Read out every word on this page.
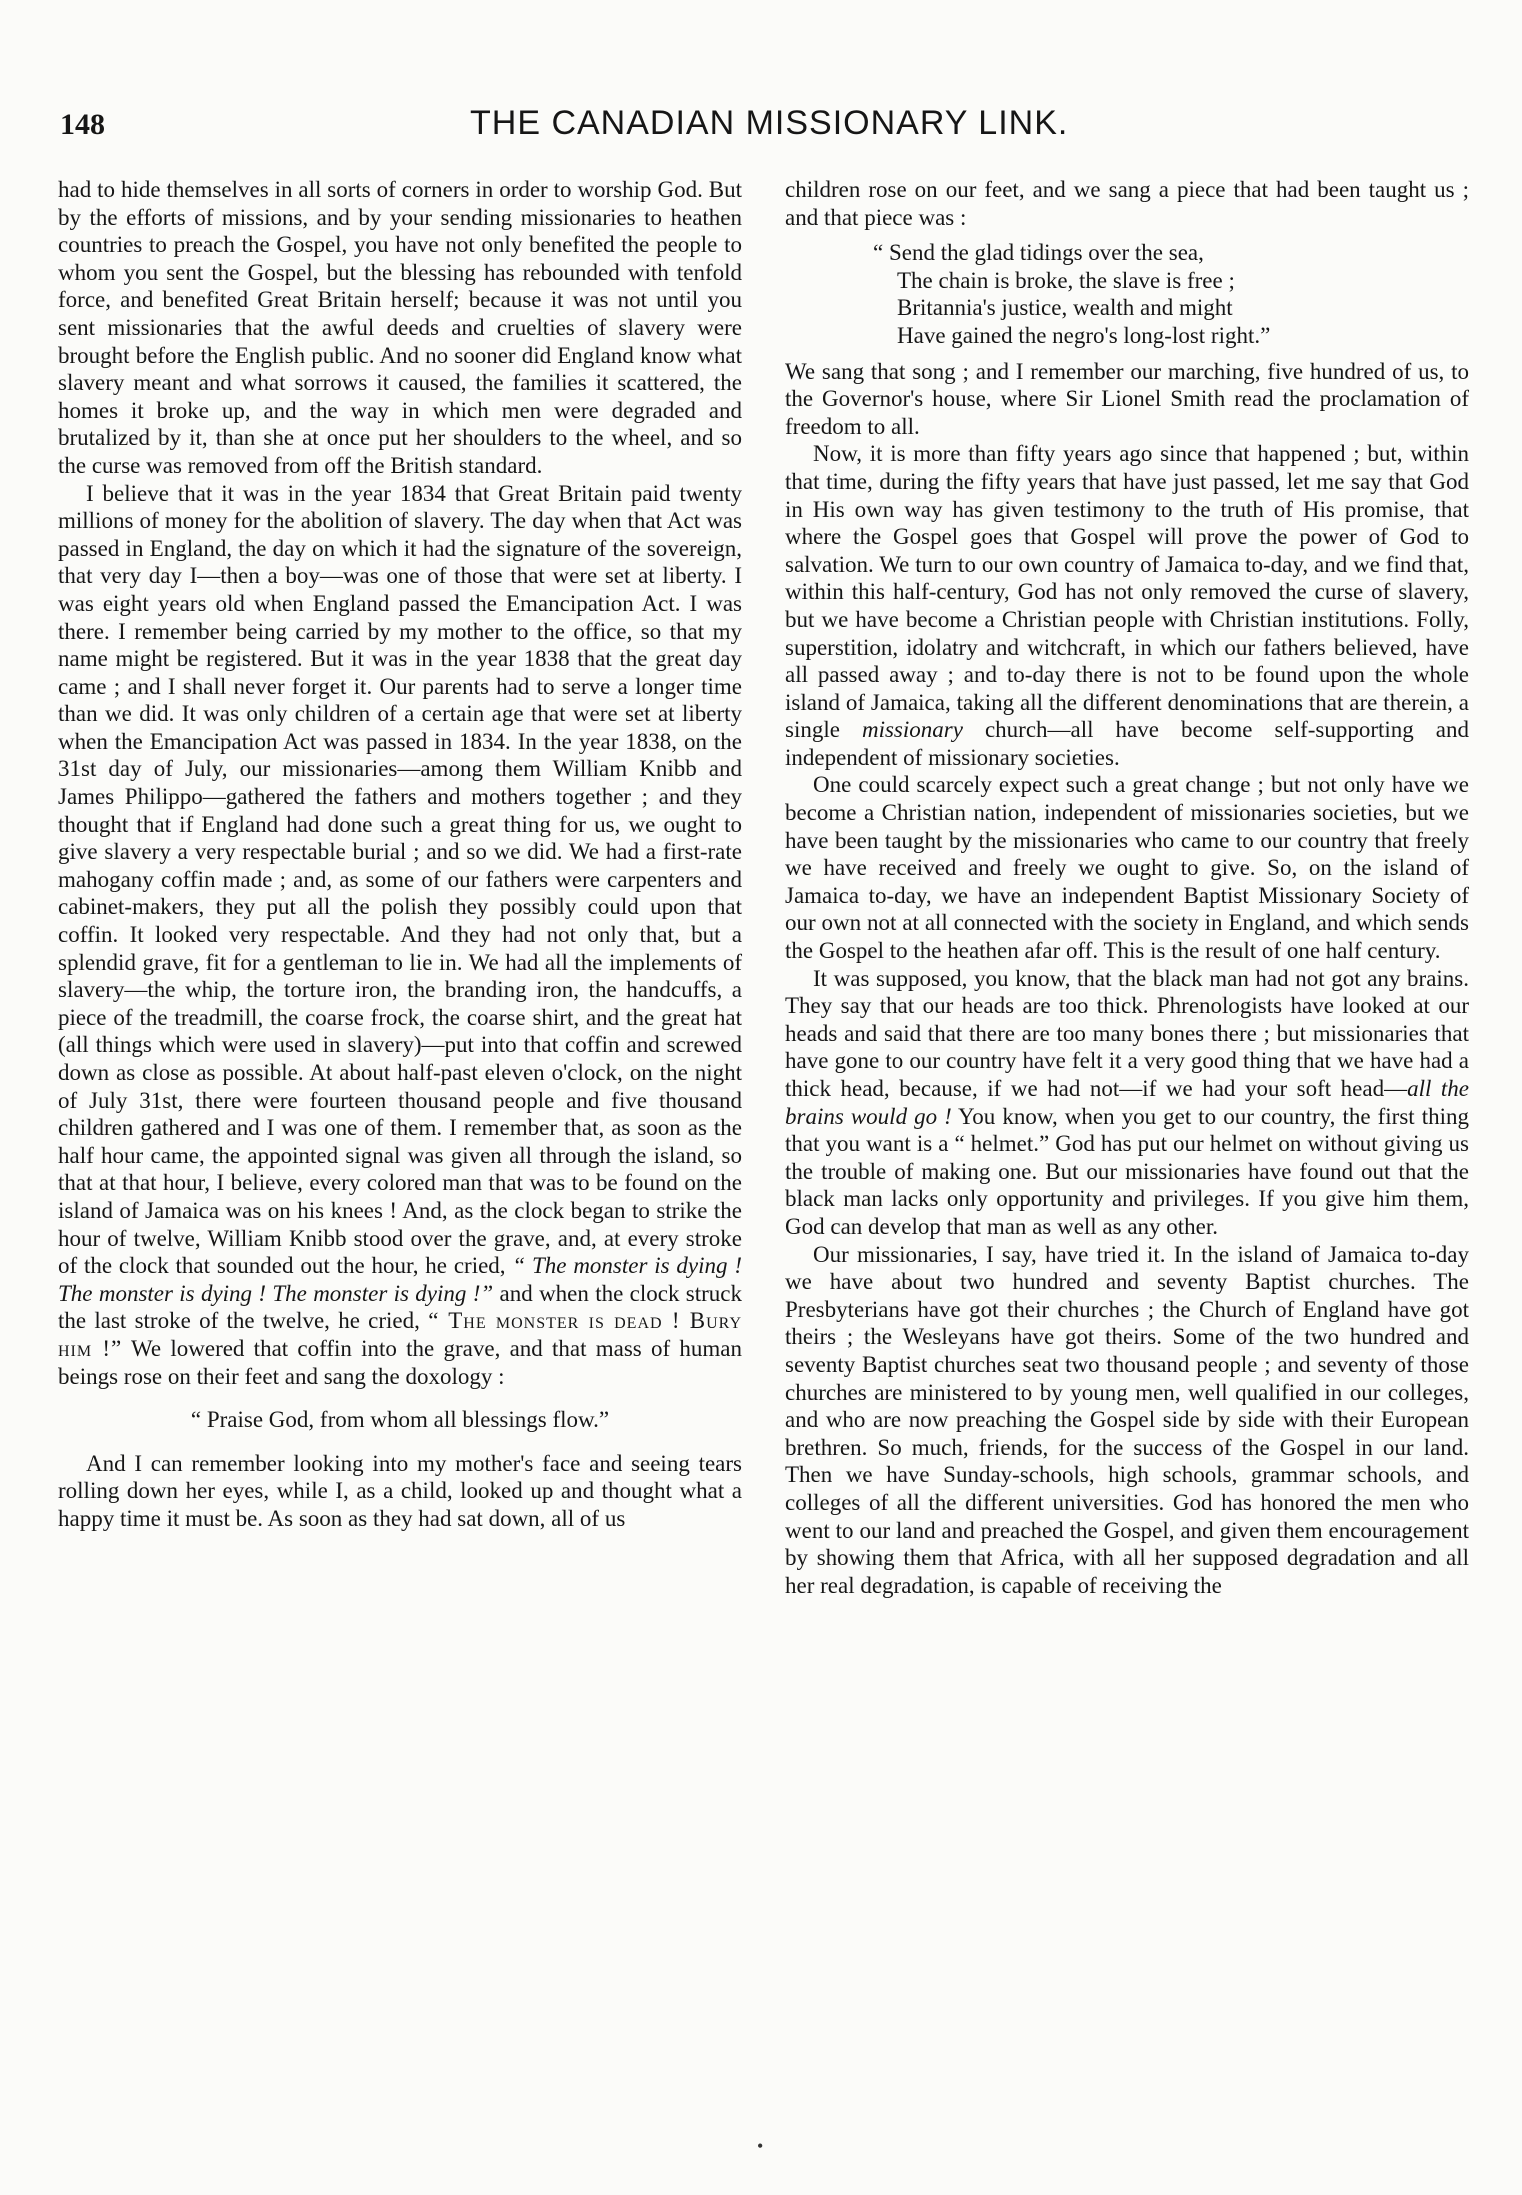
148	THE CANADIAN MISSIONARY LINK.

had to hide themselves in all sorts of corners in order to worship God. But by the efforts of missions, and by your sending missionaries to heathen countries to preach the Gospel, you have not only benefited the people to whom you sent the Gospel, but the blessing has rebounded with tenfold force, and benefited Great Britain herself; because it was not until you sent missionaries that the awful deeds and cruelties of slavery were brought before the English public. And no sooner did England know what slavery meant and what sorrows it caused, the families it scattered, the homes it broke up, and the way in which men were degraded and brutalized by it, than she at once put her shoulders to the wheel, and so the curse was removed from off the British standard.

I believe that it was in the year 1834 that Great Britain paid twenty millions of money for the abolition of slavery. The day when that Act was passed in England, the day on which it had the signature of the sovereign, that very day I—then a boy—was one of those that were set at liberty. I was eight years old when England passed the Emancipation Act. I was there. I remember being carried by my mother to the office, so that my name might be registered. But it was in the year 1838 that the great day came ; and I shall never forget it. Our parents had to serve a longer time than we did. It was only children of a certain age that were set at liberty when the Emancipation Act was passed in 1834. In the year 1838, on the 31st day of July, our missionaries—among them William Knibb and James Philippo—gathered the fathers and mothers together ; and they thought that if England had done such a great thing for us, we ought to give slavery a very respectable burial ; and so we did. We had a first-rate mahogany coffin made ; and, as some of our fathers were carpenters and cabinet-makers, they put all the polish they possibly could upon that coffin. It looked very respectable. And they had not only that, but a splendid grave, fit for a gentleman to lie in. We had all the implements of slavery—the whip, the torture iron, the branding iron, the handcuffs, a piece of the treadmill, the coarse frock, the coarse shirt, and the great hat (all things which were used in slavery)—put into that coffin and screwed down as close as possible. At about half-past eleven o'clock, on the night of July 31st, there were fourteen thousand people and five thousand children gathered and I was one of them. I remember that, as soon as the half hour came, the appointed signal was given all through the island, so that at that hour, I believe, every colored man that was to be found on the island of Jamaica was on his knees ! And, as the clock began to strike the hour of twelve, William Knibb stood over the grave, and, at every stroke of the clock that sounded out the hour, he cried, “ The monster is dying ! The monster is dying ! The monster is dying !” and when the clock struck the last stroke of the twelve, he cried, “ The monster is dead ! Bury him !” We lowered that coffin into the grave, and that mass of human beings rose on their feet and sang the doxology :

“ Praise God, from whom all blessings flow.”

And I can remember looking into my mother's face and seeing tears rolling down her eyes, while I, as a child, looked up and thought what a happy time it must be. As soon as they had sat down, all of us

children rose on our feet, and we sang a piece that had been taught us ; and that piece was :

“ Send the glad tidings over the sea,
The chain is broke, the slave is free ;
Britannia's justice, wealth and might
Have gained the negro's long-lost right.”

We sang that song ; and I remember our marching, five hundred of us, to the Governor's house, where Sir Lionel Smith read the proclamation of freedom to all.

Now, it is more than fifty years ago since that happened ; but, within that time, during the fifty years that have just passed, let me say that God in His own way has given testimony to the truth of His promise, that where the Gospel goes that Gospel will prove the power of God to salvation. We turn to our own country of Jamaica to-day, and we find that, within this half-century, God has not only removed the curse of slavery, but we have become a Christian people with Christian institutions. Folly, superstition, idolatry and witchcraft, in which our fathers believed, have all passed away ; and to-day there is not to be found upon the whole island of Jamaica, taking all the different denominations that are therein, a single missionary church—all have become self-supporting and independent of missionary societies.

One could scarcely expect such a great change ; but not only have we become a Christian nation, independent of missionaries societies, but we have been taught by the missionaries who came to our country that freely we have received and freely we ought to give. So, on the island of Jamaica to-day, we have an independent Baptist Missionary Society of our own not at all connected with the society in England, and which sends the Gospel to the heathen afar off. This is the result of one half century.

It was supposed, you know, that the black man had not got any brains. They say that our heads are too thick. Phrenologists have looked at our heads and said that there are too many bones there ; but missionaries that have gone to our country have felt it a very good thing that we have had a thick head, because, if we had not—if we had your soft head—all the brains would go ! You know, when you get to our country, the first thing that you want is a “ helmet.” God has put our helmet on without giving us the trouble of making one. But our missionaries have found out that the black man lacks only opportunity and privileges. If you give him them, God can develop that man as well as any other.

Our missionaries, I say, have tried it. In the island of Jamaica to-day we have about two hundred and seventy Baptist churches. The Presbyterians have got their churches ; the Church of England have got theirs ; the Wesleyans have got theirs. Some of the two hundred and seventy Baptist churches seat two thousand people ; and seventy of those churches are ministered to by young men, well qualified in our colleges, and who are now preaching the Gospel side by side with their European brethren. So much, friends, for the success of the Gospel in our land. Then we have Sunday-schools, high schools, grammar schools, and colleges of all the different universities. God has honored the men who went to our land and preached the Gospel, and given them encouragement by showing them that Africa, with all her supposed degradation and all her real degradation, is capable of receiving the

•
